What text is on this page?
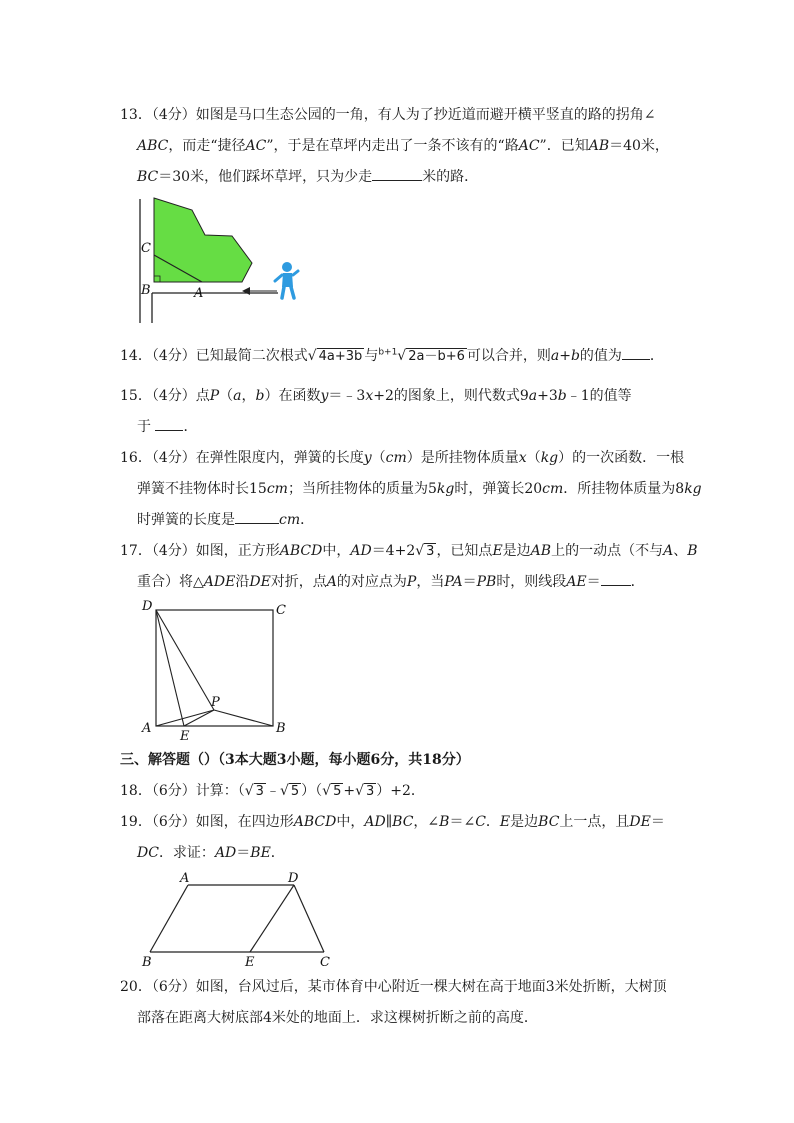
13．（4分）如图是马口生态公园的一角，有人为了抄近道而避开横平竖直的路的拐角∠
ABC，而走“捷径AC”，于是在草坪内走出了一条不该有的“路AC”．已知AB＝40米，
BC＝30米，他们踩坏草坪，只为少走	米的路．
C
B	A
14．（4分）已知最简二次根式√ 4a+3b 与$^{b+1}$√ 2a－b+6 可以合并，则a+b的值为 ．
15．（4分）点P（a，b）在函数y＝﹣3x+2的图象上，则代数式9a+3b﹣1的值等
于 ．
16．（4分）在弹性限度内，弹簧的长度y（cm）是所挂物体质量x（kg）的一次函数．一根
弹簧不挂物体时长15cm；当所挂物体的质量为5kg时，弹簧长20cm．所挂物体质量为8kg
时弹簧的长度是	cm．
17．（4分）如图，正方形ABCD中，AD＝4+2√ 3 ，已知点E是边AB上的一动点（不与A、B
重合）将△ADE沿DE对折，点A的对应点为P，当PA＝PB时，则线段AE＝ ．
D	C
P
A
E
B
三、解答题（）（3本大题3小题，每小题6分，共18分）
18．（6分）计算：（√ 3 ﹣√ 5 ）（√ 5 +√ 3 ）+2．
19．（6分）如图，在四边形ABCD中，AD∥BC，∠B＝∠C．E是边BC上一点，且DE＝
DC．求证：AD＝BE．
A	D
B	E	C
20．（6分）如图，台风过后，某市体育中心附近一棵大树在高于地面3米处折断，大树顶
部落在距离大树底部4米处的地面上．求这棵树折断之前的高度．
